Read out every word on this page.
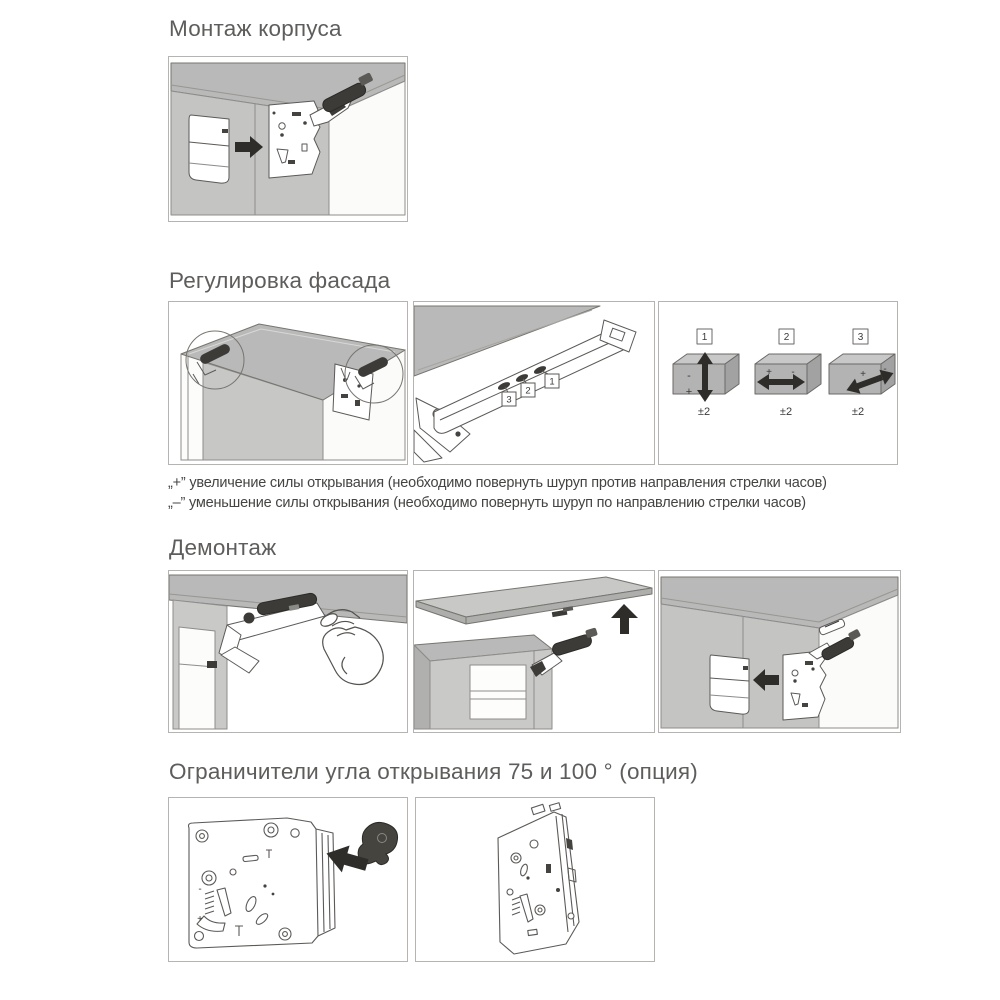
Монтаж корпуса
Регулировка фасада
1
2
3
-
+
1
±2
+ -
2
±2
+ -
3
±2
„+” увеличение силы открывания (необходимо повернуть шуруп против направления стрелки часов)
„–” уменьшение силы открывания (необходимо повернуть шуруп по направлению стрелки часов)
Демонтаж
Ограничители угла открывания 75 и 100 ° (опция)
-
+
